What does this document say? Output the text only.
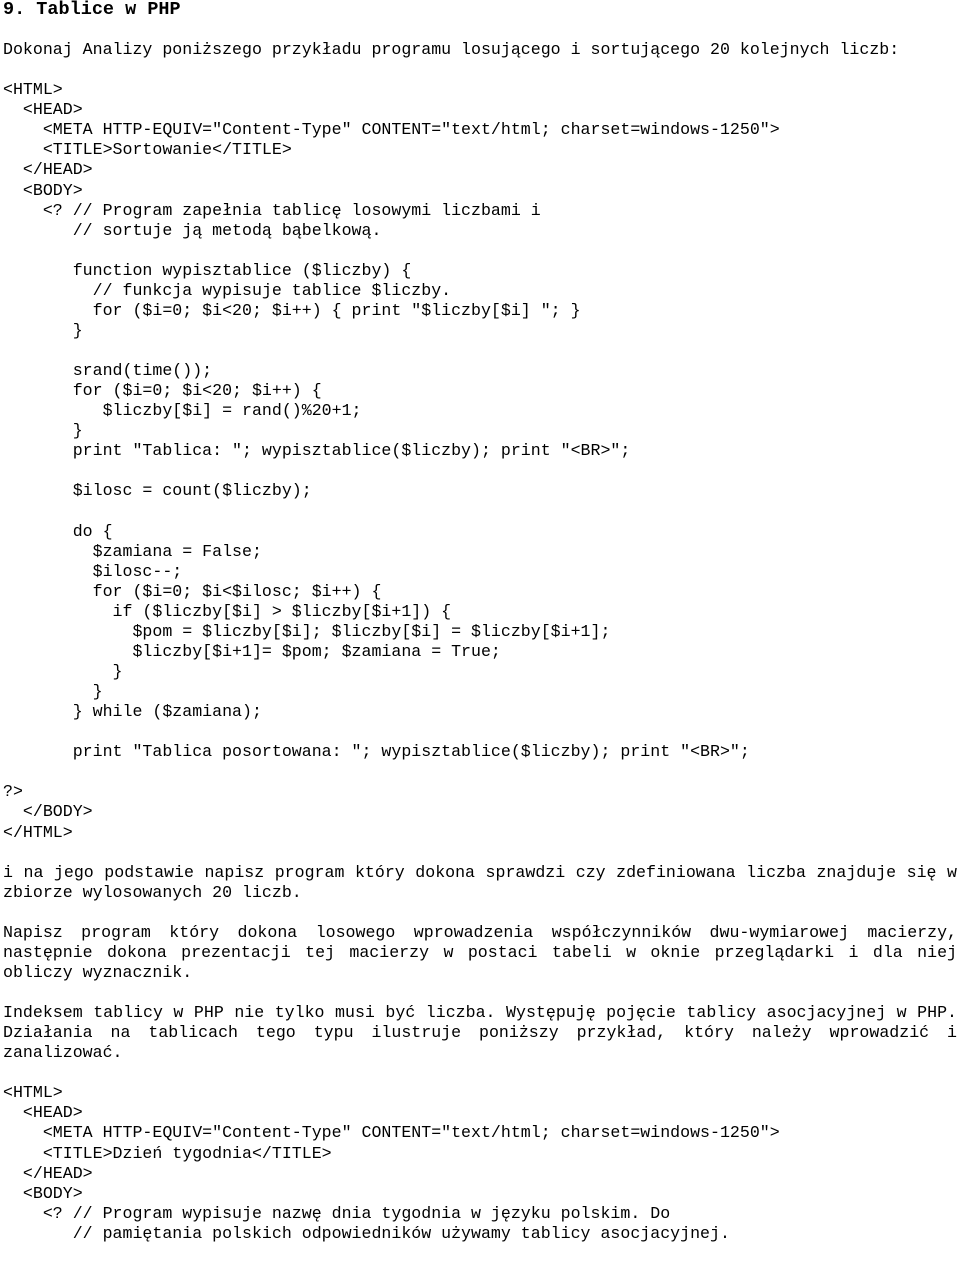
9. Tablice w PHP

Dokonaj Analizy poniższego przykładu programu losującego i sortującego 20 kolejnych liczb:

<HTML>
<HEAD>
<META HTTP-EQUIV="Content-Type" CONTENT="text/html; charset=windows-1250">
<TITLE>Sortowanie</TITLE>
</HEAD>
<BODY>
<? // Program zapełnia tablicę losowymi liczbami i
// sortuje ją metodą bąbelkową.
function wypisztablice ($liczby) {
// funkcja wypisuje tablice $liczby.
for ($i=0; $i<20; $i++) { print "$liczby[$i] "; }
}
srand(time());
for ($i=0; $i<20; $i++) {
$liczby[$i] = rand()%20+1;
}
print "Tablica: "; wypisztablice($liczby); print "<BR>";
$ilosc = count($liczby);
do {
$zamiana = False;
$ilosc--;
for ($i=0; $i<$ilosc; $i++) {
if ($liczby[$i] > $liczby[$i+1]) {
$pom = $liczby[$i]; $liczby[$i] = $liczby[$i+1];
$liczby[$i+1]= $pom; $zamiana = True;
}
}
} while ($zamiana);
print "Tablica posortowana: "; wypisztablice($liczby); print "<BR>";
?>
</BODY>
</HTML>

i na jego podstawie napisz program który dokona sprawdzi czy zdefiniowana liczba znajduje się w zbiorze wylosowanych 20 liczb.

Napisz program który dokona losowego wprowadzenia współczynników dwu-wymiarowej macierzy, następnie dokona prezentacji tej macierzy w postaci tabeli w oknie przeglądarki i dla niej obliczy wyznacznik.

Indeksem tablicy w PHP nie tylko musi być liczba. Występuję pojęcie tablicy asocjacyjnej w PHP. Działania na tablicach tego typu ilustruje poniższy przykład, który należy wprowadzić i zanalizować.

<HTML>
<HEAD>
<META HTTP-EQUIV="Content-Type" CONTENT="text/html; charset=windows-1250">
<TITLE>Dzień tygodnia</TITLE>
</HEAD>
<BODY>
<? // Program wypisuje nazwę dnia tygodnia w języku polskim. Do
// pamiętania polskich odpowiedników używamy tablicy asocjacyjnej.
